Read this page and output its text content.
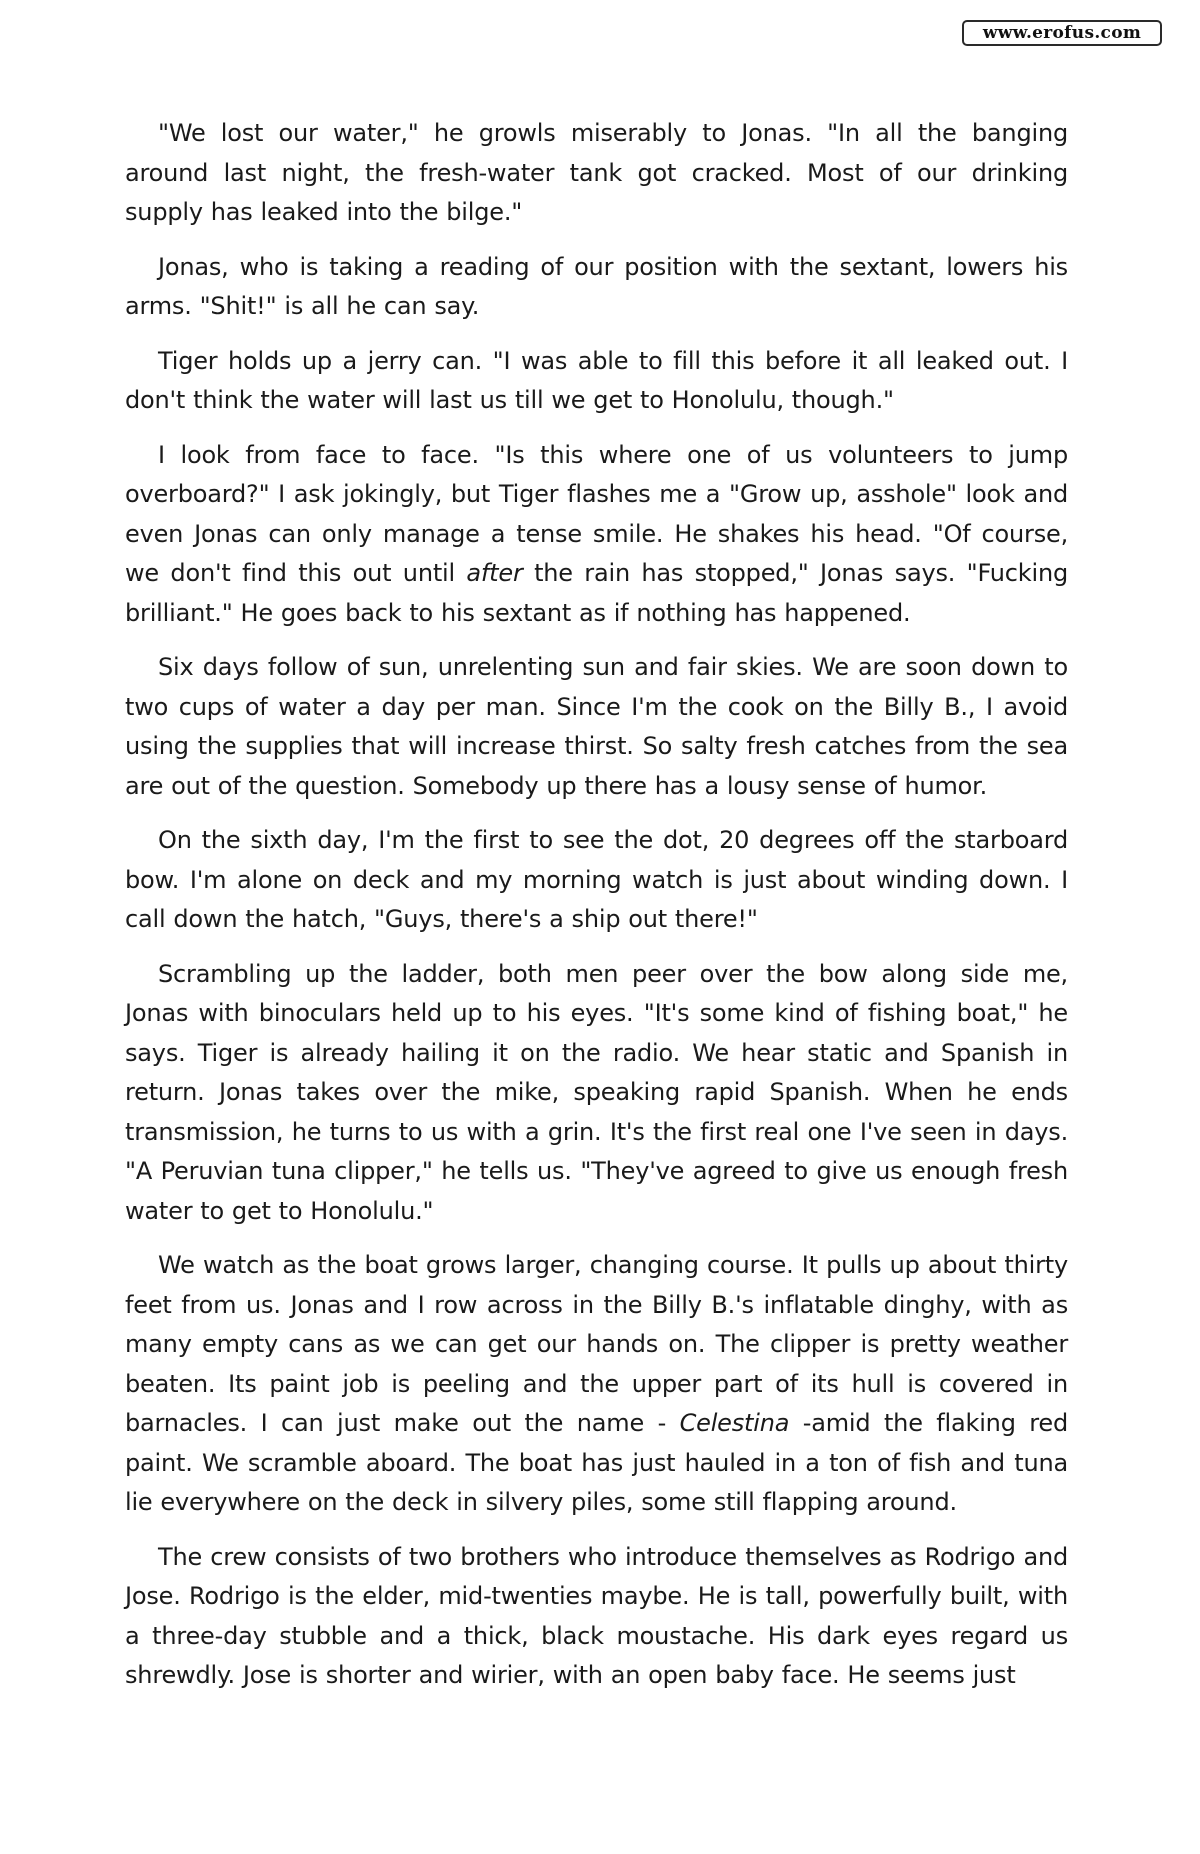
www.erofus.com

"We lost our water," he growls miserably to Jonas. "In all the banging around last night, the fresh-water tank got cracked. Most of our drinking supply has leaked into the bilge."

Jonas, who is taking a reading of our position with the sextant, lowers his arms. "Shit!" is all he can say.

Tiger holds up a jerry can. "I was able to fill this before it all leaked out. I don't think the water will last us till we get to Honolulu, though."

I look from face to face. "Is this where one of us volunteers to jump overboard?" I ask jokingly, but Tiger flashes me a "Grow up, asshole" look and even Jonas can only manage a tense smile. He shakes his head. "Of course, we don't find this out until after the rain has stopped," Jonas says. "Fucking brilliant." He goes back to his sextant as if nothing has happened.

Six days follow of sun, unrelenting sun and fair skies. We are soon down to two cups of water a day per man. Since I'm the cook on the Billy B., I avoid using the supplies that will increase thirst. So salty fresh catches from the sea are out of the question. Somebody up there has a lousy sense of humor.

On the sixth day, I'm the first to see the dot, 20 degrees off the starboard bow. I'm alone on deck and my morning watch is just about winding down. I call down the hatch, "Guys, there's a ship out there!"

Scrambling up the ladder, both men peer over the bow along side me, Jonas with binoculars held up to his eyes. "It's some kind of fishing boat," he says. Tiger is already hailing it on the radio. We hear static and Spanish in return. Jonas takes over the mike, speaking rapid Spanish. When he ends transmission, he turns to us with a grin. It's the first real one I've seen in days. "A Peruvian tuna clipper," he tells us. "They've agreed to give us enough fresh water to get to Honolulu."

We watch as the boat grows larger, changing course. It pulls up about thirty feet from us. Jonas and I row across in the Billy B.'s inflatable dinghy, with as many empty cans as we can get our hands on. The clipper is pretty weather beaten. Its paint job is peeling and the upper part of its hull is covered in barnacles. I can just make out the name - Celestina -amid the flaking red paint. We scramble aboard. The boat has just hauled in a ton of fish and tuna lie everywhere on the deck in silvery piles, some still flapping around.

The crew consists of two brothers who introduce themselves as Rodrigo and Jose. Rodrigo is the elder, mid-twenties maybe. He is tall, powerfully built, with a three-day stubble and a thick, black moustache. His dark eyes regard us shrewdly. Jose is shorter and wirier, with an open baby face. He seems just
